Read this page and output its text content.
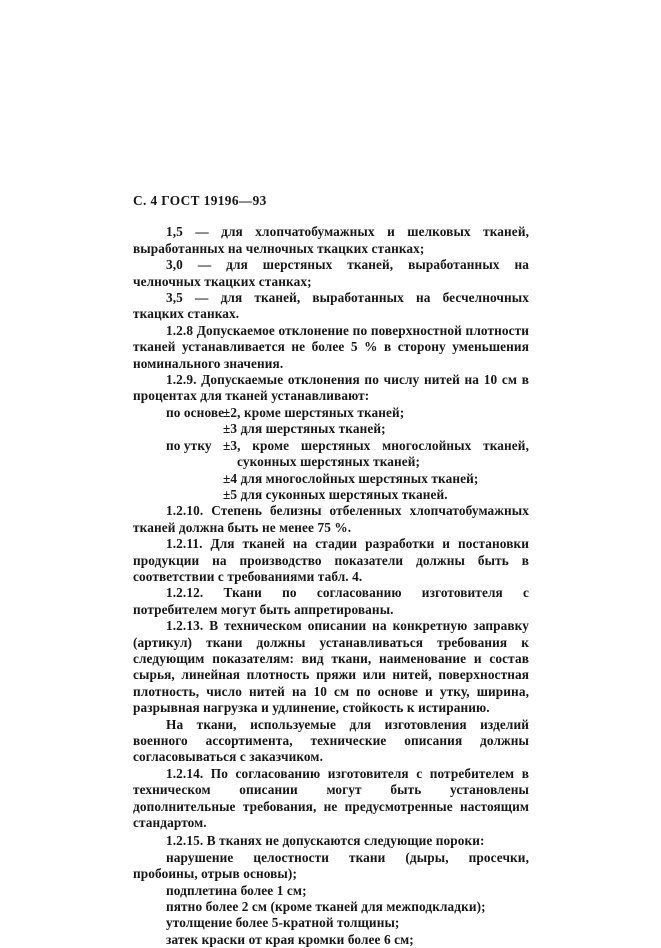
С. 4 ГОСТ 19196—93

1,5 — для хлопчатобумажных и шелковых тканей, выработанных на челночных ткацких станках;

3,0 — для шерстяных тканей, выработанных на челночных ткацких станках;

3,5 — для тканей, выработанных на бесчелночных ткацких станках.

1.2.8 Допускаемое отклонение по поверхностной плотности тканей устанавливается не более 5 % в сторону уменьшения номинального значения.

1.2.9. Допускаемые отклонения по числу нитей на 10 см в процентах для тканей устанавливают:

по основе
±2, кроме шерстяных тканей;
±3 для шерстяных тканей;
по утку ±3, кроме шерстяных многослойных тканей, суконных шерстяных тканей;
±4 для многослойных шерстяных тканей;
±5 для суконных шерстяных тканей.

1.2.10. Степень белизны отбеленных хлопчатобумажных тканей должна быть не менее 75 %.

1.2.11. Для тканей на стадии разработки и постановки продукции на производство показатели должны быть в соответствии с требованиями табл. 4.

1.2.12. Ткани по согласованию изготовителя с потребителем могут быть аппретированы.

1.2.13. В техническом описании на конкретную заправку (артикул) ткани должны устанавливаться требования к следующим показателям: вид ткани, наименование и состав сырья, линейная плотность пряжи или нитей, поверхностная плотность, число нитей на 10 см по основе и утку, ширина, разрывная нагрузка и удлинение, стойкость к истиранию.

На ткани, используемые для изготовления изделий военного ассортимента, технические описания должны согласовываться с заказчиком.

1.2.14. По согласованию изготовителя с потребителем в техническом описании могут быть установлены дополнительные требования, не предусмотренные настоящим стандартом.

1.2.15. В тканях не допускаются следующие пороки:

нарушение целостности ткани (дыры, просечки, пробоины, отрыв основы);

подплетина более 1 см;

пятно более 2 см (кроме тканей для межподкладки);

утолщение более 5-кратной толщины;

затек краски от края кромки более 6 см;
